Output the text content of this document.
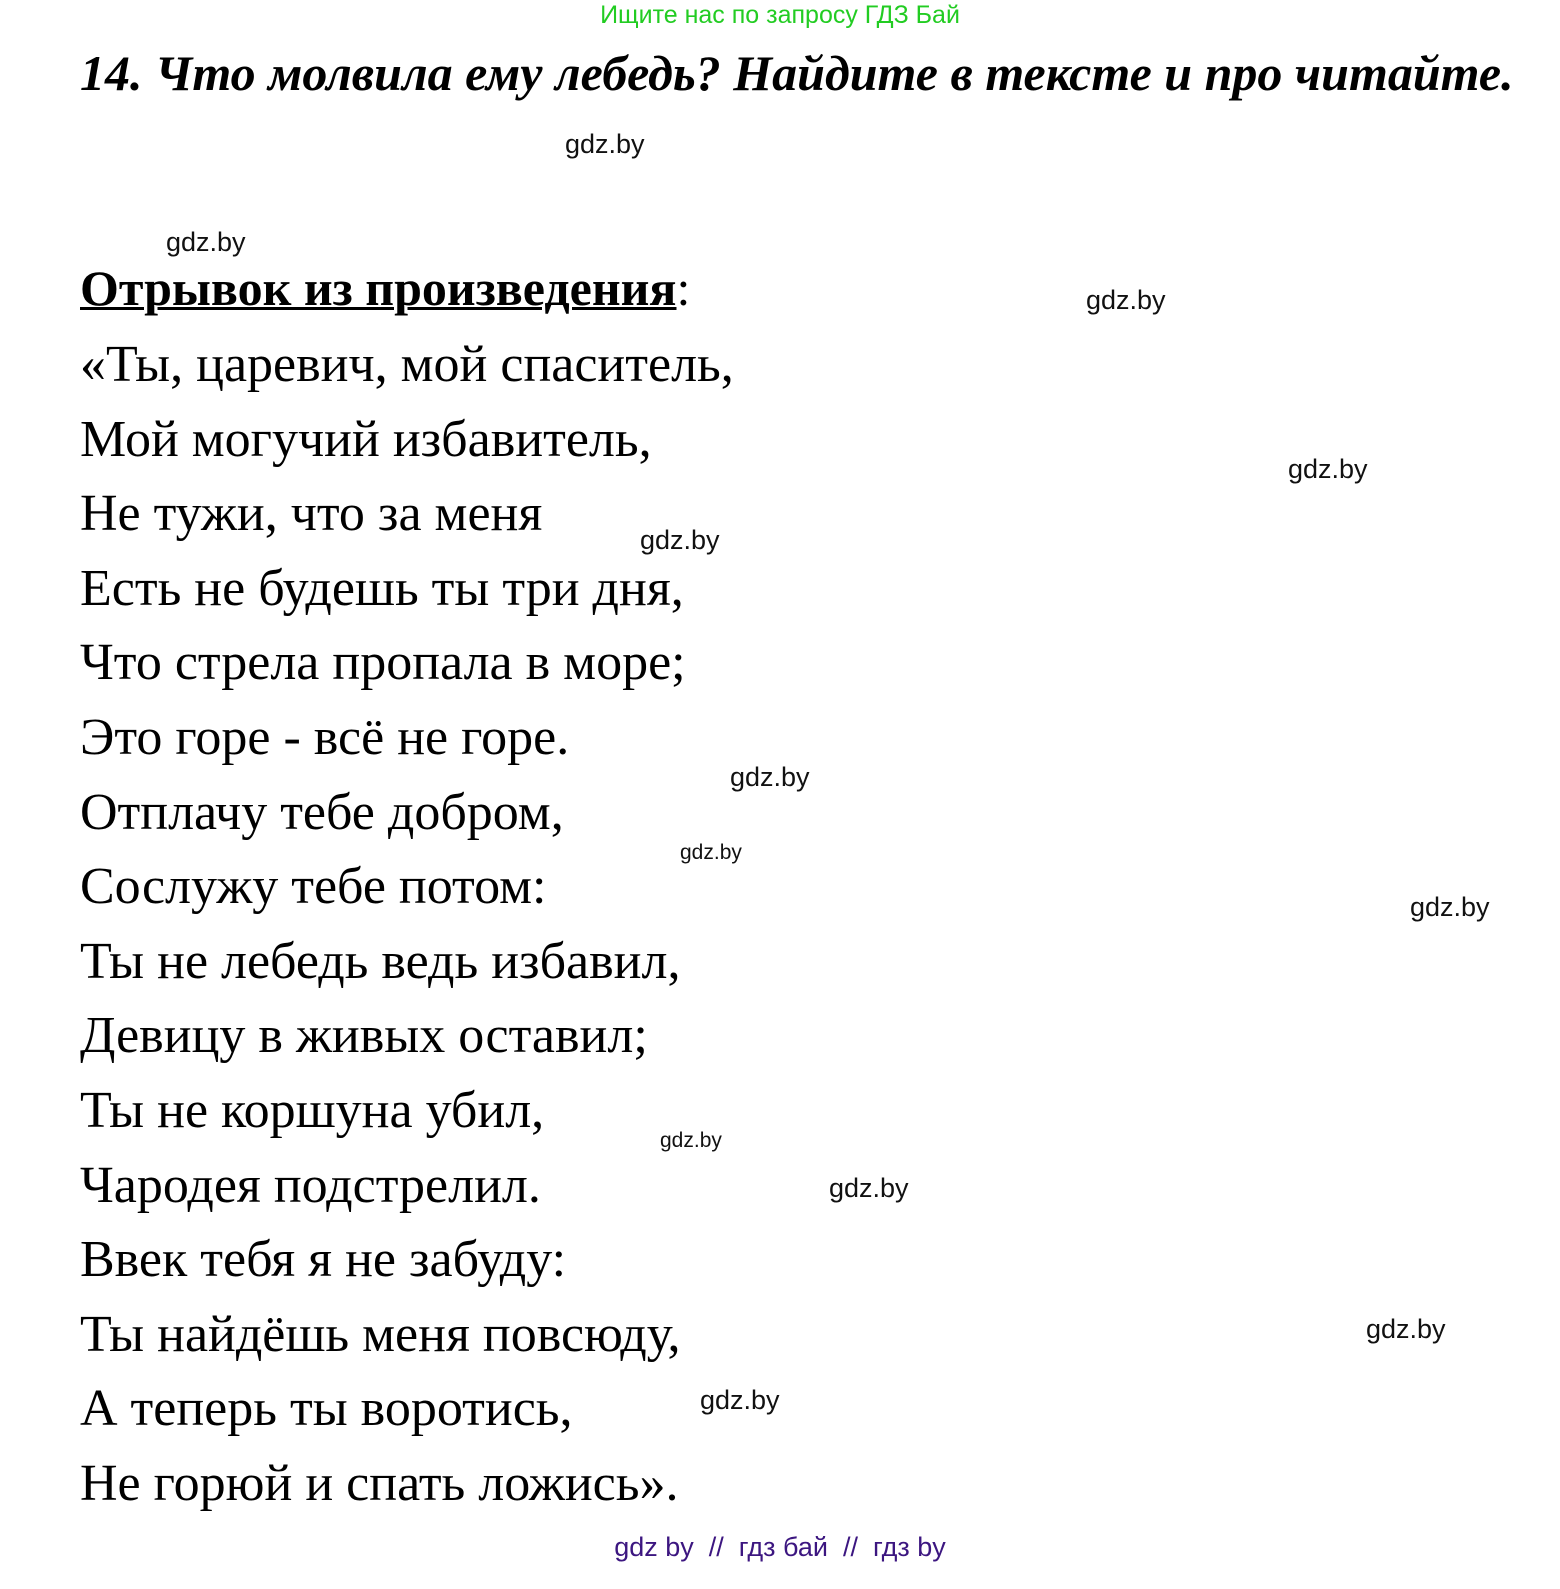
Ищите нас по запросу ГДЗ Бай
14. Что молвила ему лебедь? Найдите в тексте и про читайте.
Отрывок из произведения:
«Ты, царевич, мой спаситель,
Мой могучий избавитель,
Не тужи, что за меня
Есть не будешь ты три дня,
Что стрела пропала в море;
Это горе - всё не горе.
Отплачу тебе добром,
Сослужу тебе потом:
Ты не лебедь ведь избавил,
Девицу в живых оставил;
Ты не коршуна убил,
Чародея подстрелил.
Ввек тебя я не забуду:
Ты найдёшь меня повсюду,
А теперь ты воротись,
Не горюй и спать ложись».
gdz.by
gdz.by
gdz.by
gdz.by
gdz.by
gdz.by
gdz.by
gdz.by
gdz.by
gdz.by
gdz.by
gdz.by
gdz by  //  гдз бай  //  гдз by
